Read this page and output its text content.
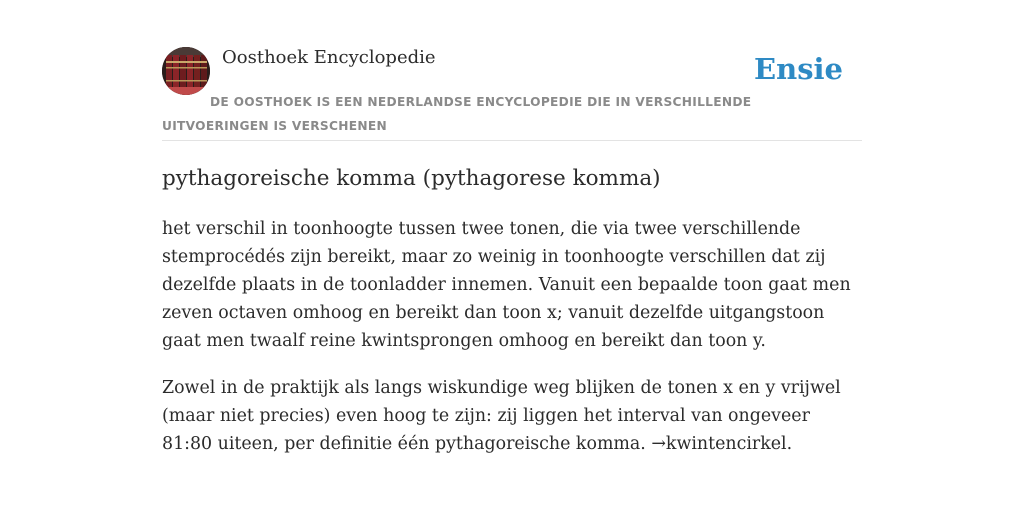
Oosthoek Encyclopedie	Ensie
DE OOSTHOEK IS EEN NEDERLANDSE ENCYCLOPEDIE DIE IN VERSCHILLENDE UITVOERINGEN IS VERSCHENEN
pythagoreische komma (pythagorese komma)

het verschil in toonhoogte tussen twee tonen, die via twee verschillende stemprocédés zijn bereikt, maar zo weinig in toonhoogte verschillen dat zij dezelfde plaats in de toonladder innemen. Vanuit een bepaalde toon gaat men zeven octaven omhoog en bereikt dan toon x; vanuit dezelfde uitgangstoon gaat men twaalf reine kwintsprongen omhoog en bereikt dan toon y.

Zowel in de praktijk als langs wiskundige weg blijken de tonen x en y vrijwel (maar niet precies) even hoog te zijn: zij liggen het interval van ongeveer 81:80 uiteen, per definitie één pythagoreische komma. →kwintencirkel.
